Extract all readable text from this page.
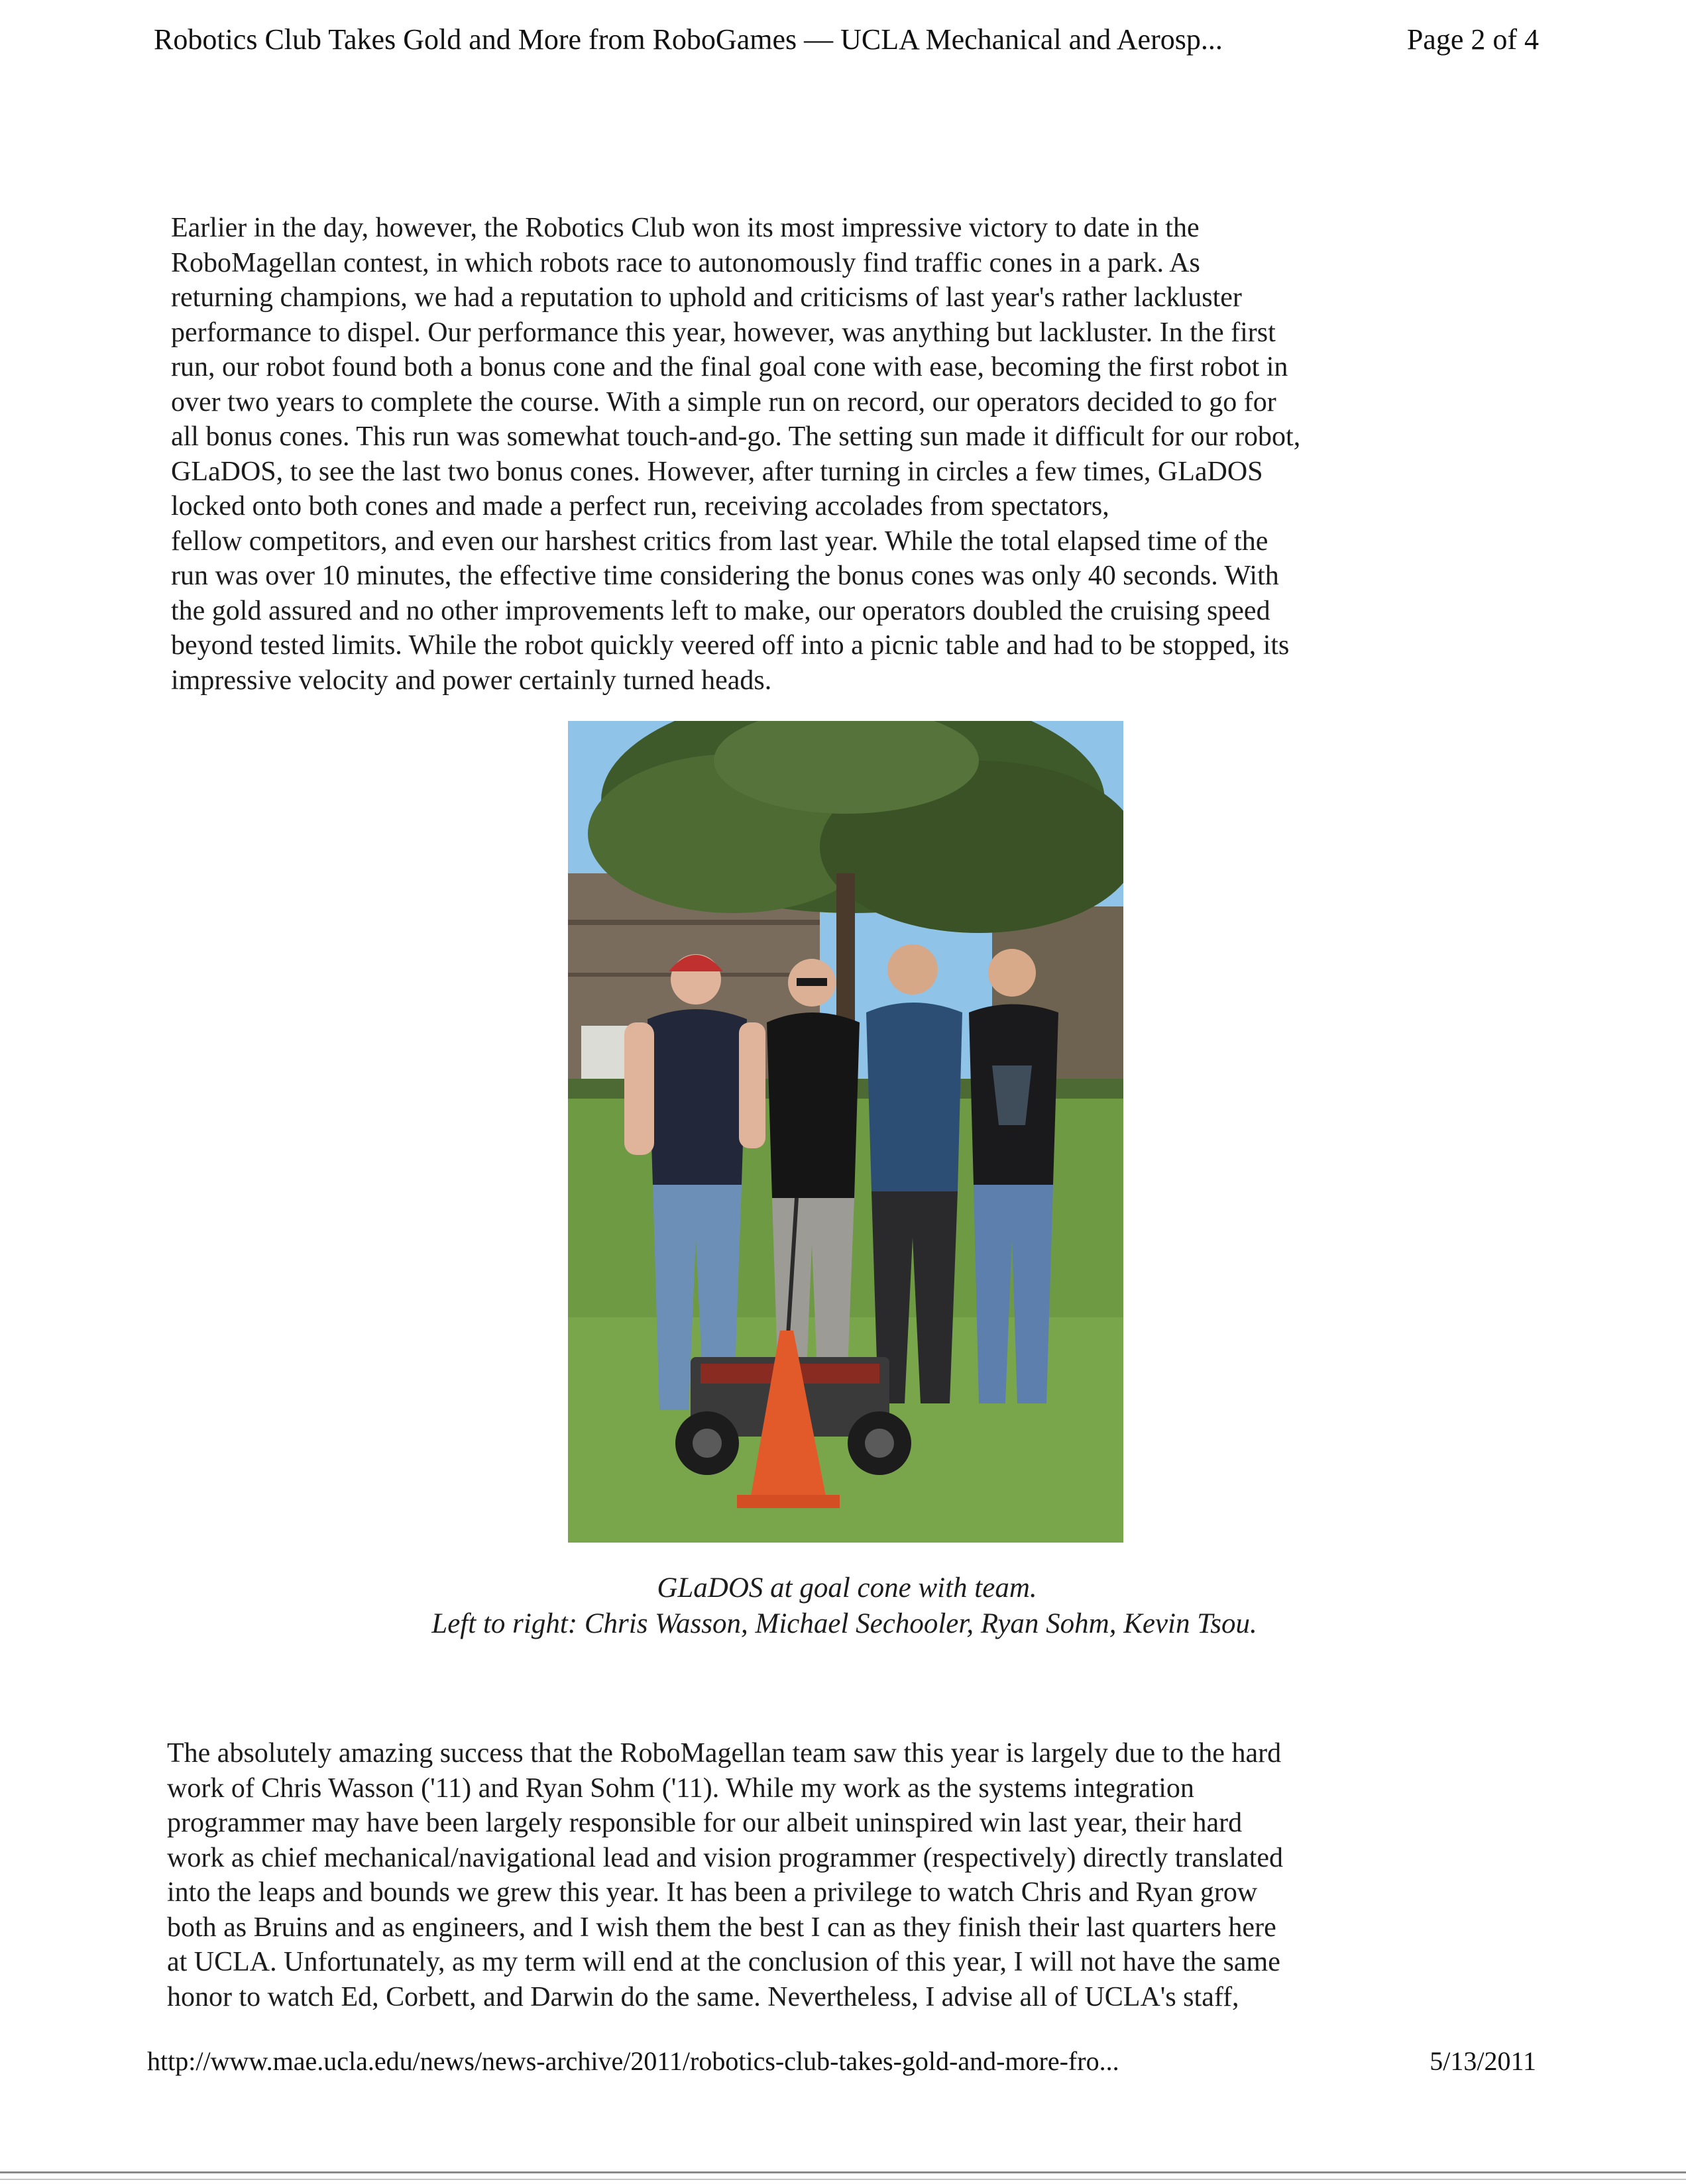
Robotics Club Takes Gold and More from RoboGames — UCLA Mechanical and Aerosp...	Page 2 of 4
Earlier in the day, however, the Robotics Club won its most impressive victory to date in the
RoboMagellan contest, in which robots race to autonomously find traffic cones in a park. As
returning champions, we had a reputation to uphold and criticisms of last year's rather lackluster
performance to dispel. Our performance this year, however, was anything but lackluster. In the first
run, our robot found both a bonus cone and the final goal cone with ease, becoming the first robot in
over two years to complete the course. With a simple run on record, our operators decided to go for
all bonus cones. This run was somewhat touch-and-go. The setting sun made it difficult for our robot,
GLaDOS, to see the last two bonus cones. However, after turning in circles a few times, GLaDOS
locked onto both cones and made a perfect run, receiving accolades from spectators,
fellow competitors, and even our harshest critics from last year. While the total elapsed time of the
run was over 10 minutes, the effective time considering the bonus cones was only 40 seconds. With
the gold assured and no other improvements left to make, our operators doubled the cruising speed
beyond tested limits. While the robot quickly veered off into a picnic table and had to be stopped, its
impressive velocity and power certainly turned heads.
GLaDOS at goal cone with team.
Left to right: Chris Wasson, Michael Sechooler, Ryan Sohm, Kevin Tsou.
The absolutely amazing success that the RoboMagellan team saw this year is largely due to the hard
work of Chris Wasson ('11) and Ryan Sohm ('11). While my work as the systems integration
programmer may have been largely responsible for our albeit uninspired win last year, their hard
work as chief mechanical/navigational lead and vision programmer (respectively) directly translated
into the leaps and bounds we grew this year. It has been a privilege to watch Chris and Ryan grow
both as Bruins and as engineers, and I wish them the best I can as they finish their last quarters here
at UCLA. Unfortunately, as my term will end at the conclusion of this year, I will not have the same
honor to watch Ed, Corbett, and Darwin do the same. Nevertheless, I advise all of UCLA's staff,
http://www.mae.ucla.edu/news/news-archive/2011/robotics-club-takes-gold-and-more-fro...	5/13/2011
